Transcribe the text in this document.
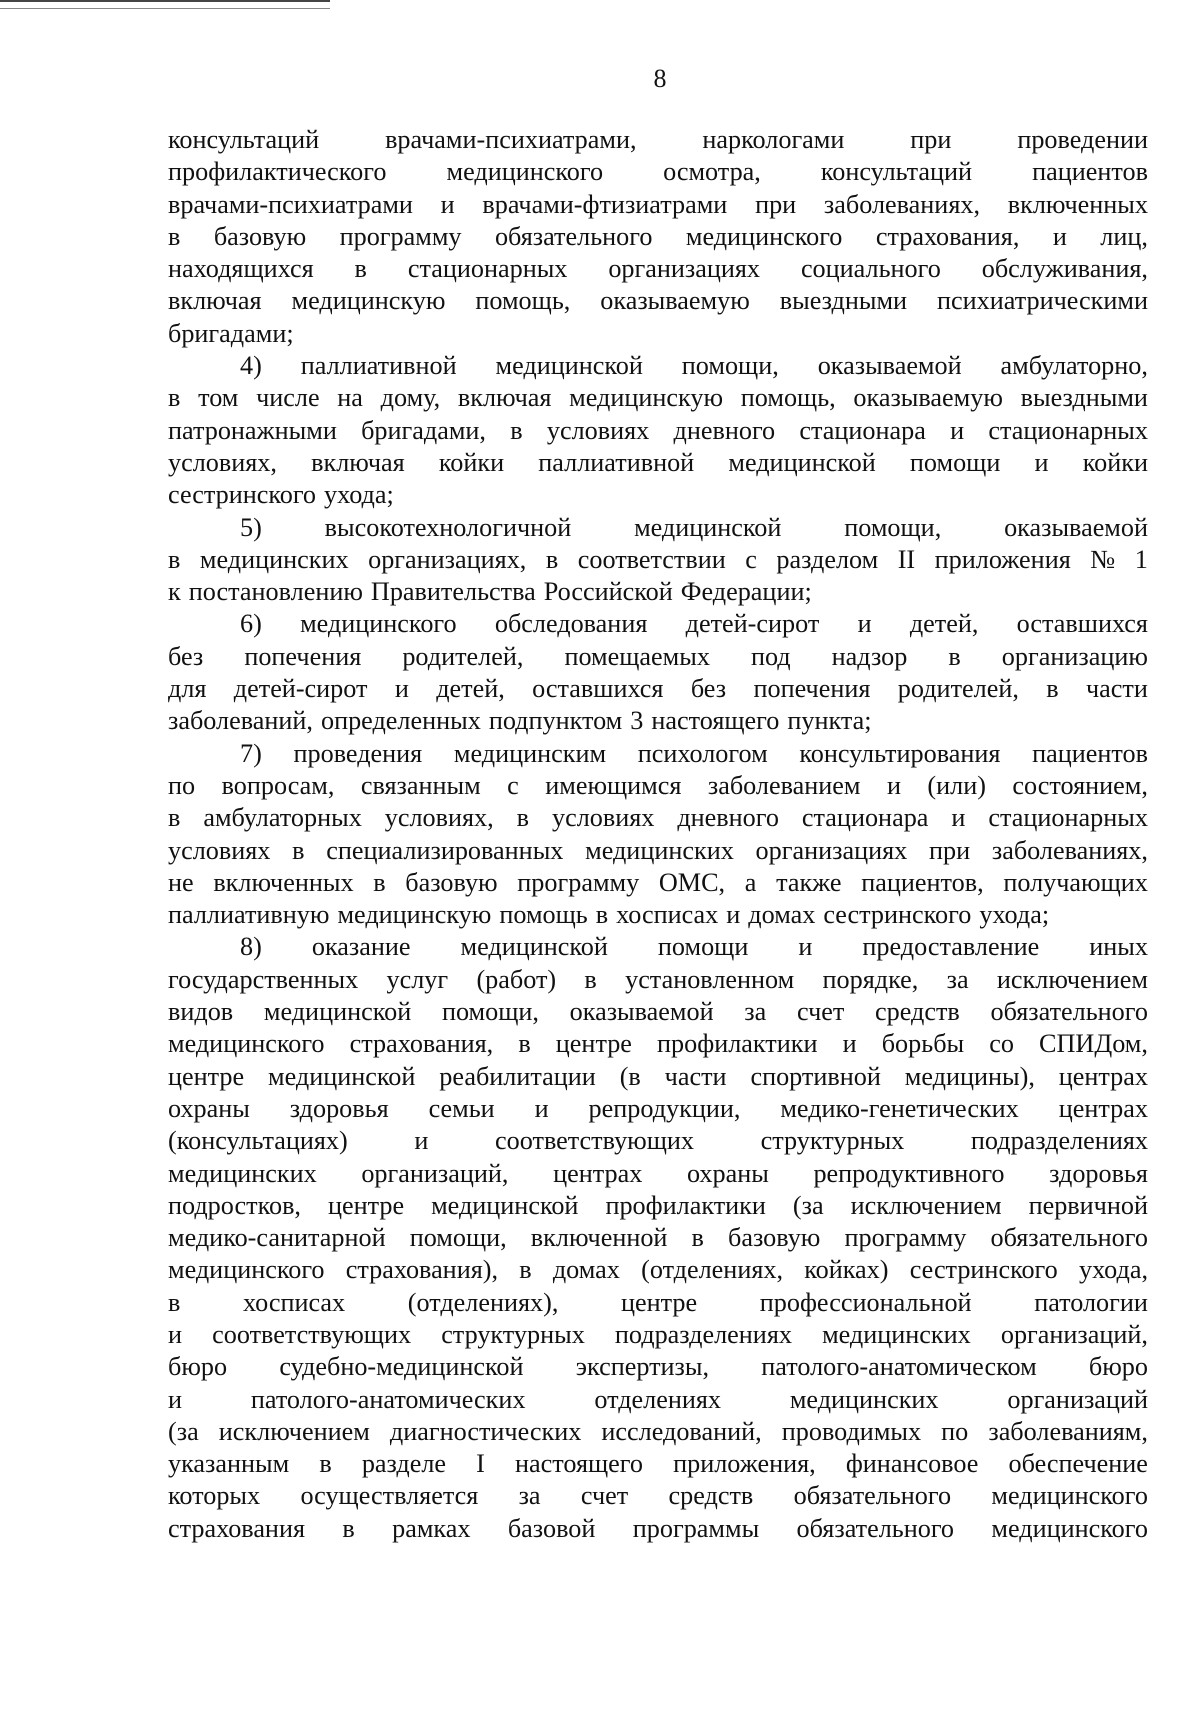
8
консультаций	врачами-психиатрами,	наркологами	при	проведении
профилактического медицинского осмотра, консультаций пациентов
врачами-психиатрами и врачами-фтизиатрами при заболеваниях, включенных
в базовую программу обязательного медицинского страхования, и лиц,
находящихся в стационарных организациях социального обслуживания,
включая медицинскую помощь, оказываемую выездными психиатрическими
бригадами;
4) паллиативной медицинской помощи, оказываемой амбулаторно,
в том числе на дому, включая медицинскую помощь, оказываемую выездными
патронажными бригадами, в условиях дневного стационара и стационарных
условиях, включая койки паллиативной медицинской помощи и койки
сестринского ухода;
5) высокотехнологичной медицинской помощи, оказываемой
в медицинских организациях, в соответствии с разделом II приложения № 1
к постановлению Правительства Российской Федерации;
6) медицинского обследования детей-сирот и детей, оставшихся
без попечения родителей, помещаемых под надзор в организацию
для детей-сирот и детей, оставшихся без попечения родителей, в части
заболеваний, определенных подпунктом 3 настоящего пункта;
7) проведения медицинским психологом консультирования пациентов
по вопросам, связанным с имеющимся заболеванием и (или) состоянием,
в амбулаторных условиях, в условиях дневного стационара и стационарных
условиях в специализированных медицинских организациях при заболеваниях,
не включенных в базовую программу ОМС, а также пациентов, получающих
паллиативную медицинскую помощь в хосписах и домах сестринского ухода;
8) оказание медицинской помощи и предоставление иных
государственных услуг (работ) в установленном порядке, за исключением
видов медицинской помощи, оказываемой за счет средств обязательного
медицинского страхования, в центре профилактики и борьбы со СПИДом,
центре медицинской реабилитации (в части спортивной медицины), центрах
охраны здоровья семьи и репродукции, медико-генетических центрах
(консультациях)	и	соответствующих	структурных	подразделениях
медицинских организаций, центрах охраны репродуктивного здоровья
подростков, центре медицинской профилактики (за исключением первичной
медико-санитарной помощи, включенной в базовую программу обязательного
медицинского страхования), в домах (отделениях, койках) сестринского ухода,
в хосписах (отделениях), центре профессиональной патологии
и соответствующих структурных подразделениях медицинских организаций,
бюро судебно-медицинской экспертизы, патолого-анатомическом бюро
и	патолого-анатомических	отделениях	медицинских	организаций
(за исключением диагностических исследований, проводимых по заболеваниям,
указанным в разделе I настоящего приложения, финансовое обеспечение
которых осуществляется за счет средств обязательного медицинского
страхования в рамках базовой программы обязательного медицинского
